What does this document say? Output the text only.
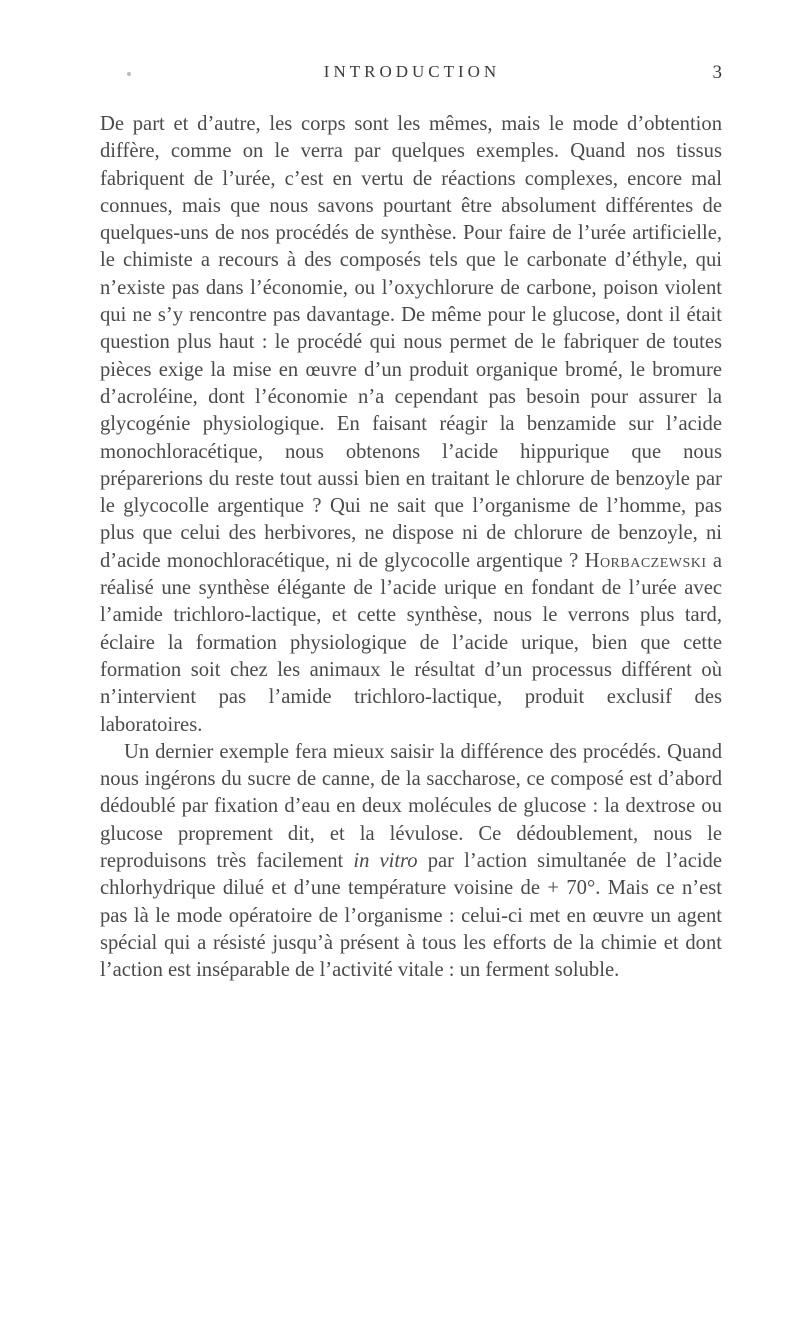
INTRODUCTION	3

De part et d’autre, les corps sont les mêmes, mais le mode d’obtention diffère, comme on le verra par quelques exemples. Quand nos tissus fabriquent de l’urée, c’est en vertu de réactions complexes, encore mal connues, mais que nous savons pourtant être absolument différentes de quelques-uns de nos procédés de synthèse. Pour faire de l’urée artificielle, le chimiste a recours à des composés tels que le carbonate d’éthyle, qui n’existe pas dans l’économie, ou l’oxychlorure de carbone, poison violent qui ne s’y rencontre pas davantage. De même pour le glucose, dont il était question plus haut : le procédé qui nous permet de le fabriquer de toutes pièces exige la mise en œuvre d’un produit organique bromé, le bromure d’acroléine, dont l’économie n’a cependant pas besoin pour assurer la glycogénie physiologique. En faisant réagir la benzamide sur l’acide monochloracétique, nous obtenons l’acide hippurique que nous préparerions du reste tout aussi bien en traitant le chlorure de benzoyle par le glycocolle argentique ? Qui ne sait que l’organisme de l’homme, pas plus que celui des herbivores, ne dispose ni de chlorure de benzoyle, ni d’acide monochloracétique, ni de glycocolle argentique ? Horbaczewski a réalisé une synthèse élégante de l’acide urique en fondant de l’urée avec l’amide trichloro-lactique, et cette synthèse, nous le verrons plus tard, éclaire la formation physiologique de l’acide urique, bien que cette formation soit chez les animaux le résultat d’un processus différent où n’intervient pas l’amide trichloro-lactique, produit exclusif des laboratoires.

Un dernier exemple fera mieux saisir la différence des procédés. Quand nous ingérons du sucre de canne, de la saccharose, ce composé est d’abord dédoublé par fixation d’eau en deux molécules de glucose : la dextrose ou glucose proprement dit, et la lévulose. Ce dédoublement, nous le reproduisons très facilement in vitro par l’action simultanée de l’acide chlorhydrique dilué et d’une température voisine de + 70°. Mais ce n’est pas là le mode opératoire de l’organisme : celui-ci met en œuvre un agent spécial qui a résisté jusqu’à présent à tous les efforts de la chimie et dont l’action est inséparable de l’activité vitale : un ferment soluble.
